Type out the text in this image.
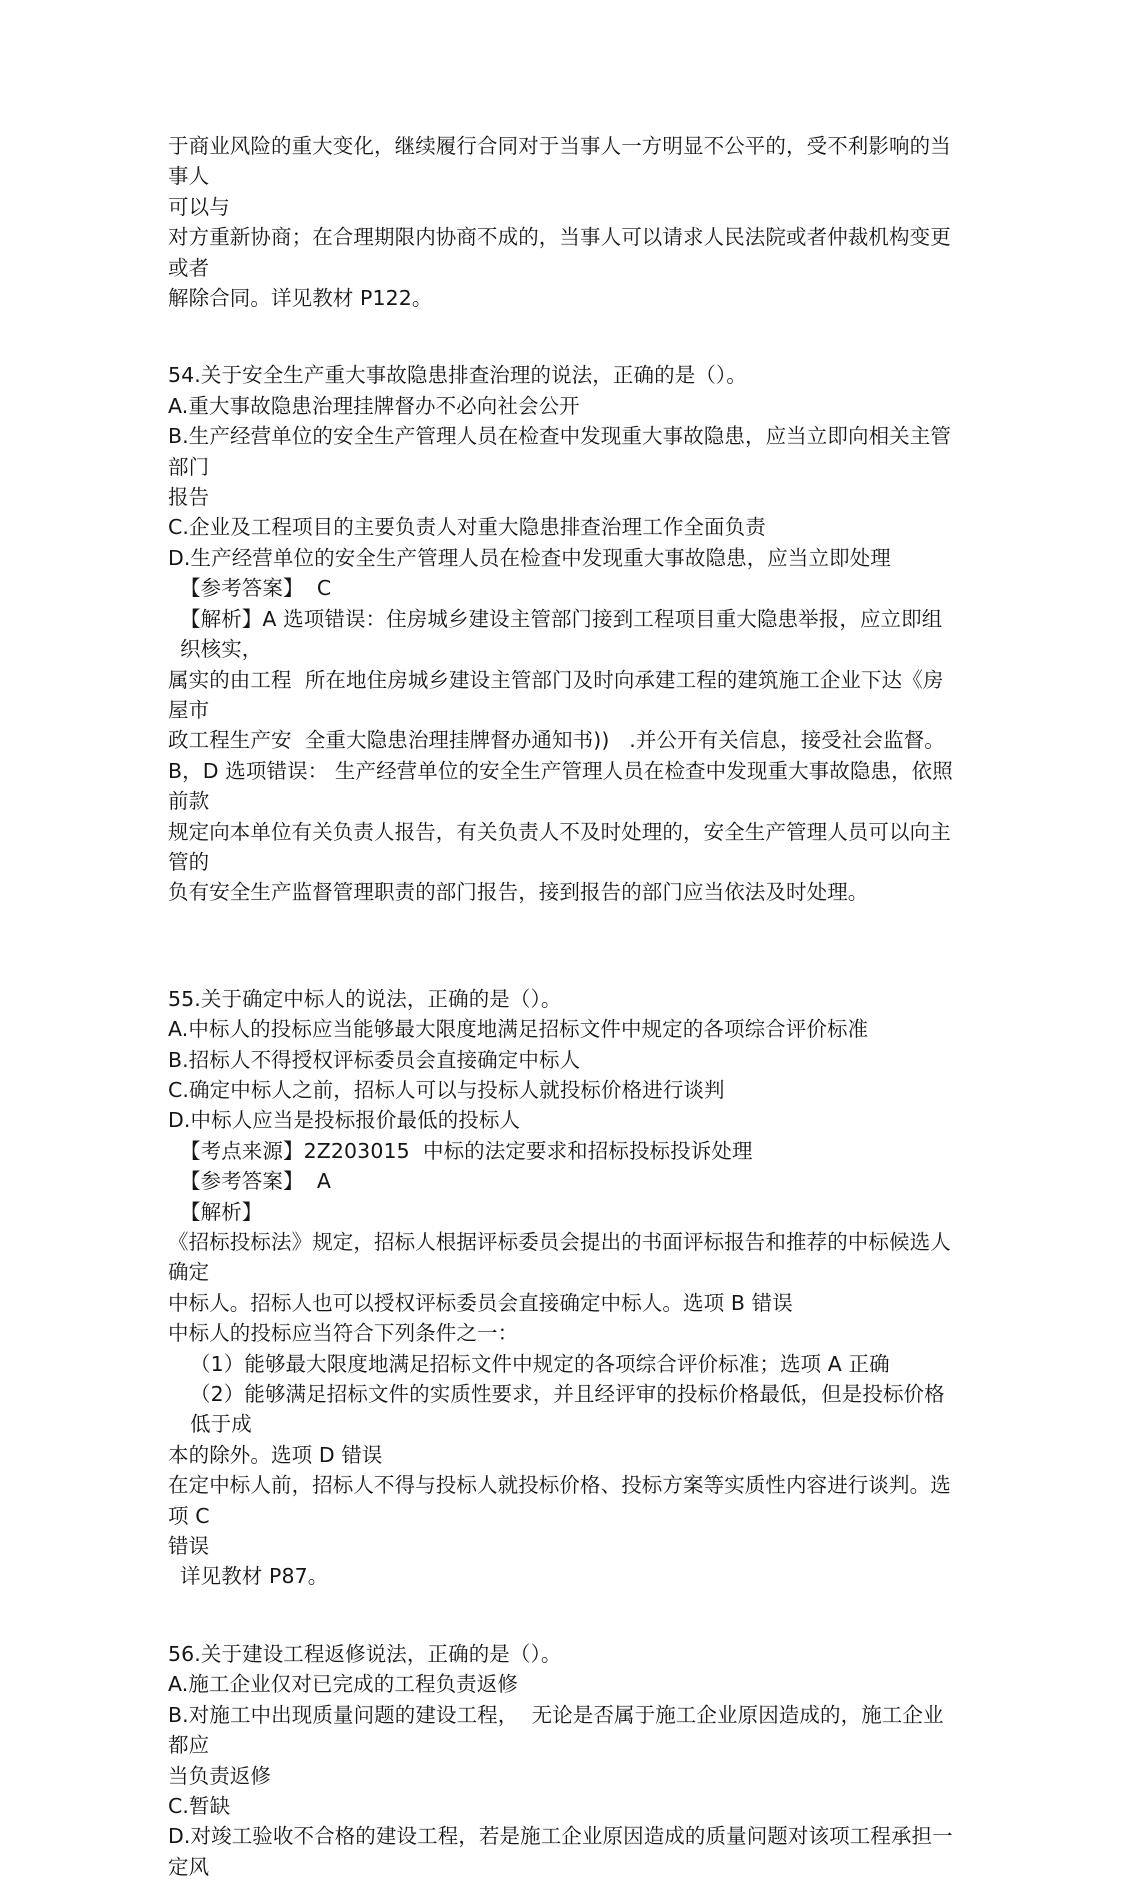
于商业风险的重大变化，继续履行合同对于当事人一方明显不公平的，受不利影响的当事人
可以与
对方重新协商；在合理期限内协商不成的，当事人可以请求人民法院或者仲裁机构变更或者
解除合同。详见教材 P122。
54.关于安全生产重大事故隐患排查治理的说法，正确的是（）。
A.重大事故隐患治理挂牌督办不必向社会公开
B.生产经营单位的安全生产管理人员在检查中发现重大事故隐患，应当立即向相关主管部门
报告
C.企业及工程项目的主要负责人对重大隐患排查治理工作全面负责
D.生产经营单位的安全生产管理人员在检查中发现重大事故隐患，应当立即处理
【参考答案】 C
【解析】A 选项错误：住房城乡建设主管部门接到工程项目重大隐患举报，应立即组织核实，
属实的由工程  所在地住房城乡建设主管部门及时向承建工程的建筑施工企业下达《房屋市
政工程生产安  全重大隐患治理挂牌督办通知书))   .并公开有关信息，接受社会监督。
B，D 选项错误： 生产经营单位的安全生产管理人员在检查中发现重大事故隐患，依照前款
规定向本单位有关负责人报告，有关负责人不及时处理的，安全生产管理人员可以向主管的
负有安全生产监督管理职责的部门报告，接到报告的部门应当依法及时处理。
55.关于确定中标人的说法，正确的是（）。
A.中标人的投标应当能够最大限度地满足招标文件中规定的各项综合评价标准
B.招标人不得授权评标委员会直接确定中标人
C.确定中标人之前，招标人可以与投标人就投标价格进行谈判
D.中标人应当是投标报价最低的投标人
【考点来源】2Z203015  中标的法定要求和招标投标投诉处理
【参考答案】 A
【解析】
《招标投标法》规定，招标人根据评标委员会提出的书面评标报告和推荐的中标候选人确定
中标人。招标人也可以授权评标委员会直接确定中标人。选项 B 错误
中标人的投标应当符合下列条件之一：
（1）能够最大限度地满足招标文件中规定的各项综合评价标准；选项 A 正确
（2）能够满足招标文件的实质性要求，并且经评审的投标价格最低，但是投标价格低于成
本的除外。选项 D 错误
在定中标人前，招标人不得与投标人就投标价格、投标方案等实质性内容进行谈判。选项 C
错误
详见教材 P87。
56.关于建设工程返修说法，正确的是（）。
A.施工企业仅对已完成的工程负责返修
B.对施工中出现质量问题的建设工程，  无论是否属于施工企业原因造成的，施工企业都应
当负责返修
C.暂缺
D.对竣工验收不合格的建设工程，若是施工企业原因造成的质量问题对该项工程承担一定风
